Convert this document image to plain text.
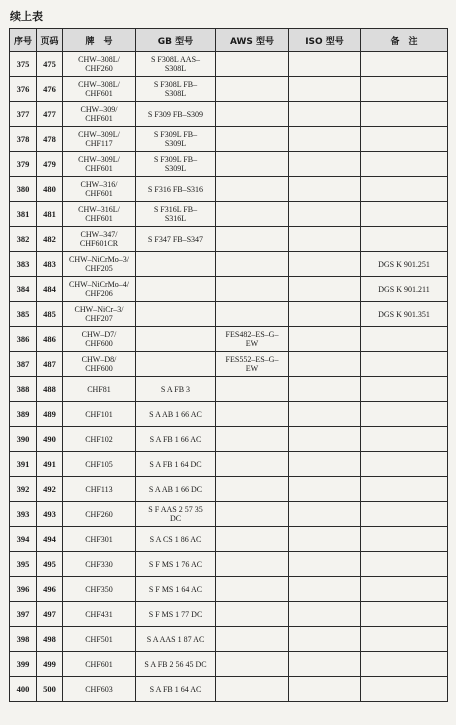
续上表
序号	页码	牌　号	GB 型号	AWS 型号	ISO 型号	备　注
375	475	CHW–308L/
CHF260	S F308L AAS–
S308L			
376	476	CHW–308L/
CHF601	S F308L FB–
S308L			
377	477	CHW–309/
CHF601	S F309 FB–S309			
378	478	CHW–309L/
CHF117	S F309L FB–
S309L			
379	479	CHW–309L/
CHF601	S F309L FB–
S309L			
380	480	CHW–316/
CHF601	S F316 FB–S316			
381	481	CHW–316L/
CHF601	S F316L FB–
S316L			
382	482	CHW–347/
CHF601CR	S F347 FB–S347			
383	483	CHW–NiCrMo–3/
CHF205				DGS K 901.251
384	484	CHW–NiCrMo–4/
CHF206				DGS K 901.211
385	485	CHW–NiCr–3/
CHF207				DGS K 901.351
386	486	CHW–D7/
CHF600		FES482–ES–G–
EW		
387	487	CHW–D8/
CHF600		FES552–ES–G–
EW		
388	488	CHF81	S A FB 3			
389	489	CHF101	S A AB 1 66 AC			
390	490	CHF102	S A FB 1 66 AC			
391	491	CHF105	S A FB 1 64 DC			
392	492	CHF113	S A AB 1 66 DC			
393	493	CHF260	S F AAS 2 57 35
DC			
394	494	CHF301	S A CS 1 86 AC			
395	495	CHF330	S F MS 1 76 AC			
396	496	CHF350	S F MS 1 64 AC			
397	497	CHF431	S F MS 1 77 DC			
398	498	CHF501	S A AAS 1 87 AC			
399	499	CHF601	S A FB 2 56 45 DC			
400	500	CHF603	S A FB 1 64 AC			
